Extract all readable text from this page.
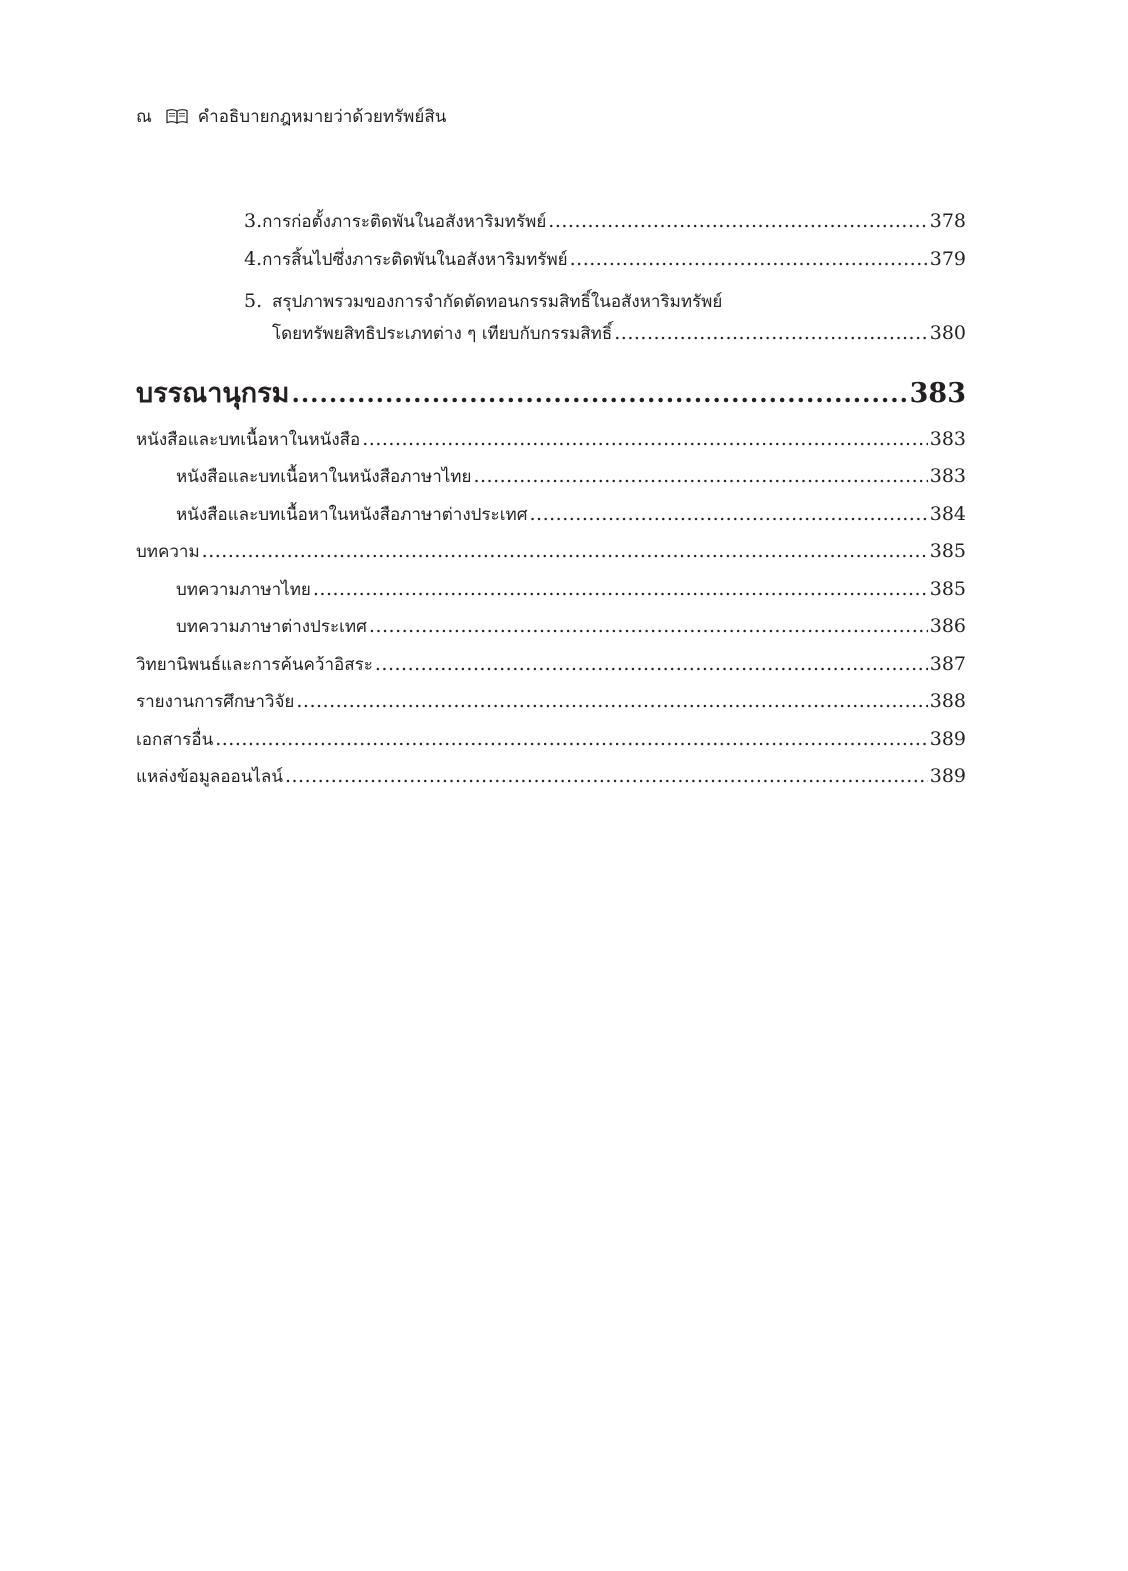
ณ	คำอธิบายกฎหมายว่าด้วยทรัพย์สิน
3. การก่อตั้งภาระติดพันในอสังหาริมทรัพย์ .....	378
4. การสิ้นไปซึ่งภาระติดพันในอสังหาริมทรัพย์ .....	379
5. สรุปภาพรวมของการจำกัดตัดทอนกรรมสิทธิ์ในอสังหาริมทรัพย์
โดยทรัพยสิทธิประเภทต่าง ๆ เทียบกับกรรมสิทธิ์ .....	380
บรรณานุกรม .....	383
หนังสือและบทเนื้อหาในหนังสือ .....	383
หนังสือและบทเนื้อหาในหนังสือภาษาไทย .....	383
หนังสือและบทเนื้อหาในหนังสือภาษาต่างประเทศ .....	384
บทความ .....	385
บทความภาษาไทย .....	385
บทความภาษาต่างประเทศ .....	386
วิทยานิพนธ์และการค้นคว้าอิสระ .....	387
รายงานการศึกษาวิจัย .....	388
เอกสารอื่น .....	389
แหล่งข้อมูลออนไลน์ .....	389
